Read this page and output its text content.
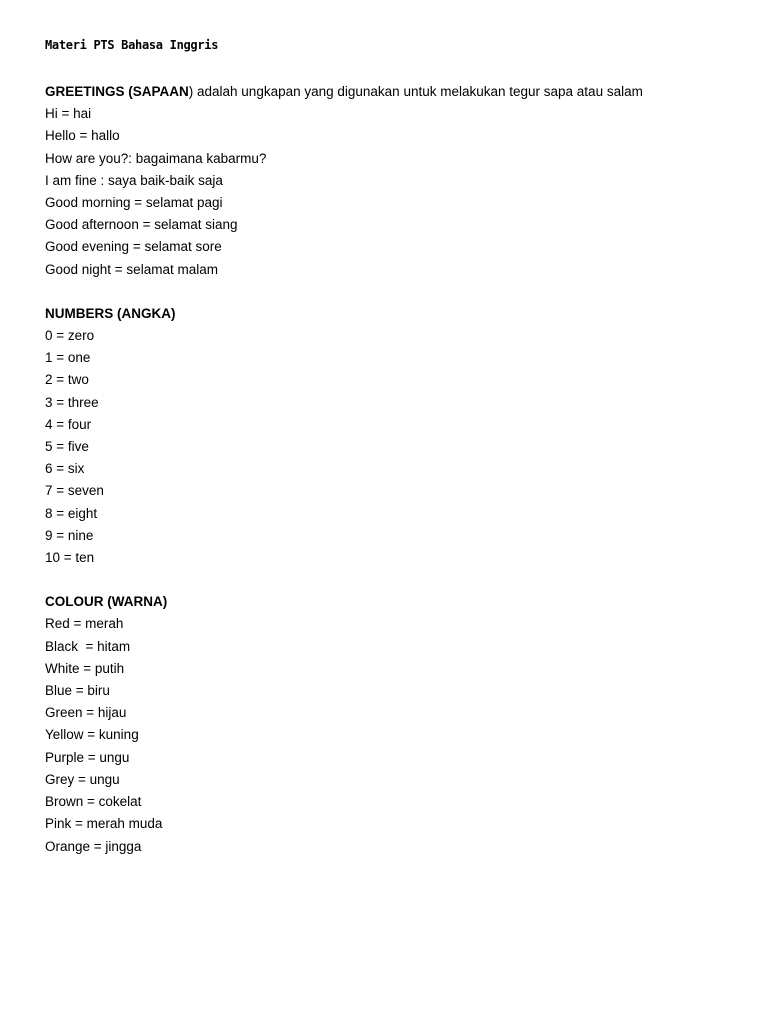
Materi PTS Bahasa Inggris

GREETINGS (SAPAAN) adalah ungkapan yang digunakan untuk melakukan tegur sapa atau salam

Hi = hai

Hello = hallo

How are you?: bagaimana kabarmu?

I am fine : saya baik-baik saja

Good morning = selamat pagi

Good afternoon = selamat siang

Good evening = selamat sore

Good night = selamat malam

NUMBERS (ANGKA)

0 = zero

1 = one

2 = two

3 = three

4 = four

5 = five

6 = six

7 = seven

8 = eight

9 = nine

10 = ten

COLOUR (WARNA)

Red = merah

Black  = hitam

White = putih

Blue = biru

Green = hijau

Yellow = kuning

Purple = ungu

Grey = ungu

Brown = cokelat

Pink = merah muda

Orange = jingga
